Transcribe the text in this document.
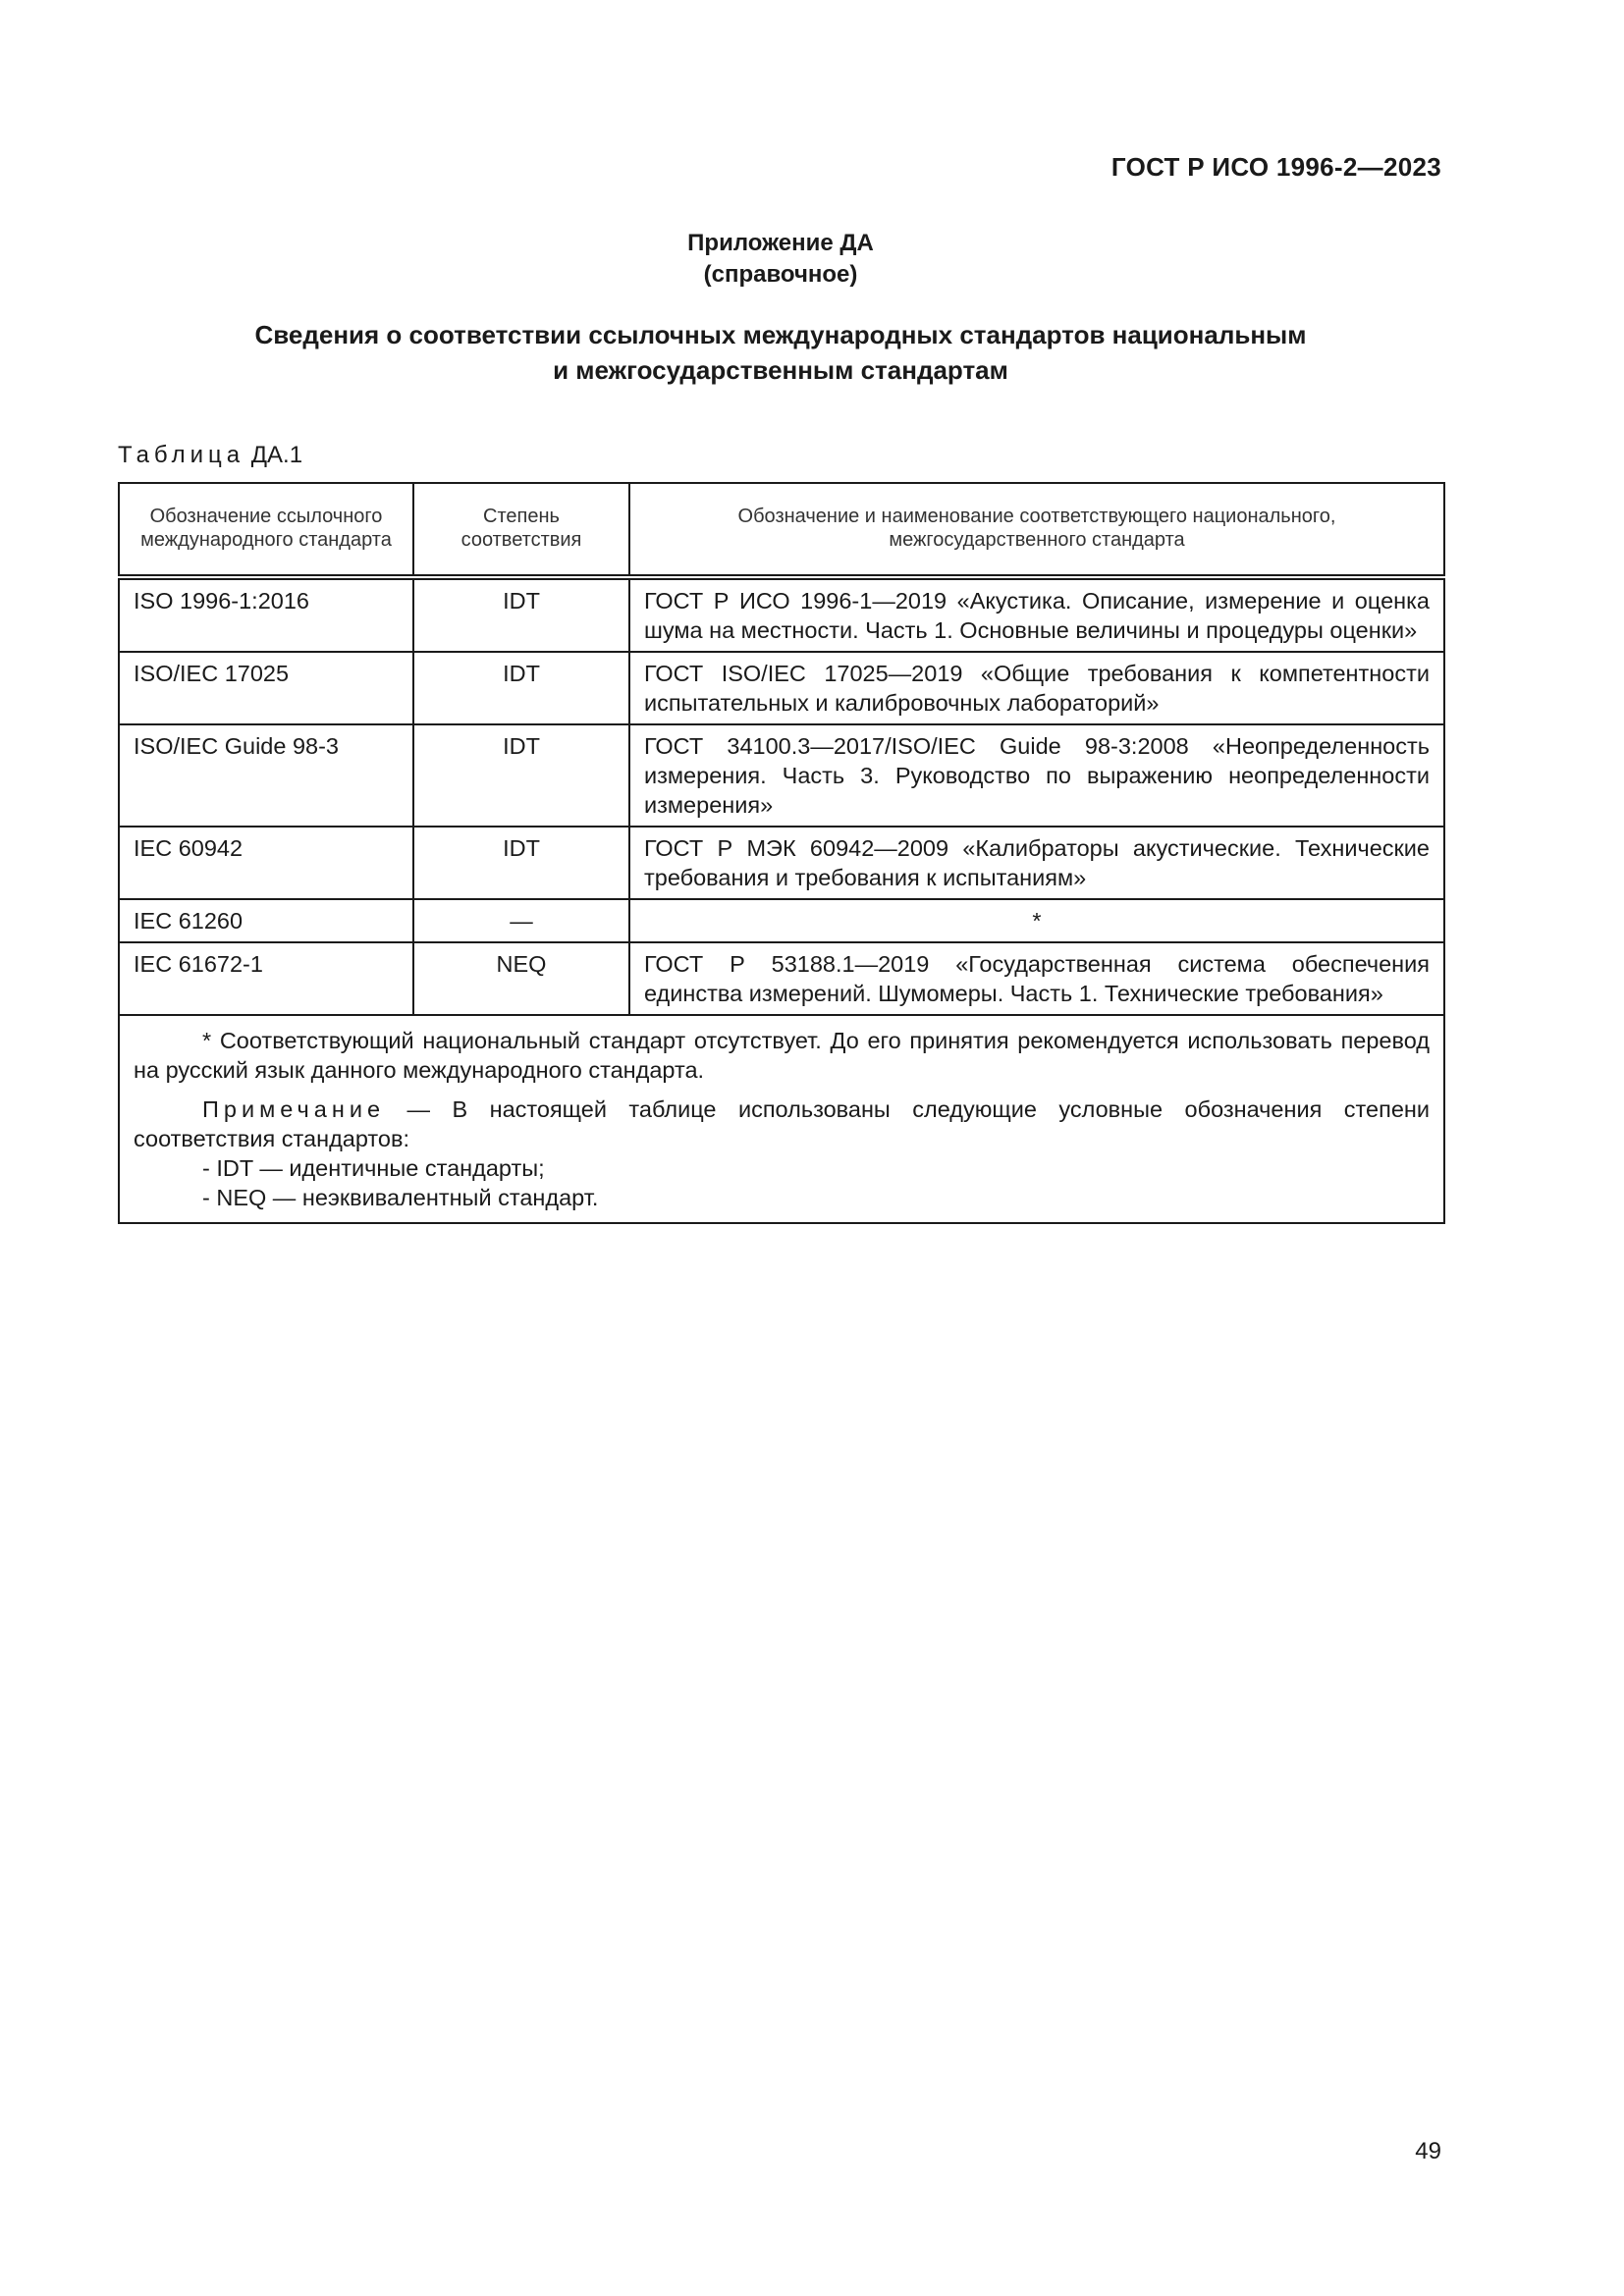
ГОСТ Р ИСО 1996-2—2023
Приложение ДА
(справочное)
Сведения о соответствии ссылочных международных стандартов национальным
и межгосударственным стандартам
Таблица ДА.1
Обозначение ссылочного международного стандарта	Степень соответствия	Обозначение и наименование соответствующего национального, межгосударственного стандарта
ISO 1996-1:2016	IDT	ГОСТ Р ИСО 1996-1—2019 «Акустика. Описание, измерение и оценка шума на местности. Часть 1. Основные величины и процедуры оценки»
ISO/IEC 17025	IDT	ГОСТ ISO/IEC 17025—2019 «Общие требования к компетентности испытательных и калибровочных лабораторий»
ISO/IEC Guide 98-3	IDT	ГОСТ 34100.3—2017/ISO/IEC Guide 98-3:2008 «Неопределенность измерения. Часть 3. Руководство по выражению неопределенности измерения»
IEC 60942	IDT	ГОСТ Р МЭК 60942—2009 «Калибраторы акустические. Технические требования и требования к испытаниям»
IEC 61260	—	*
IEC 61672-1	NEQ	ГОСТ Р 53188.1—2019 «Государственная система обеспечения единства измерений. Шумомеры. Часть 1. Технические требования»

* Соответствующий национальный стандарт отсутствует. До его принятия рекомендуется использовать перевод на русский язык данного международного стандарта.

Примечание — В настоящей таблице использованы следующие условные обозначения степени соответствия стандартов:

- IDT — идентичные стандарты;

- NEQ — неэквивалентный стандарт.		

49
